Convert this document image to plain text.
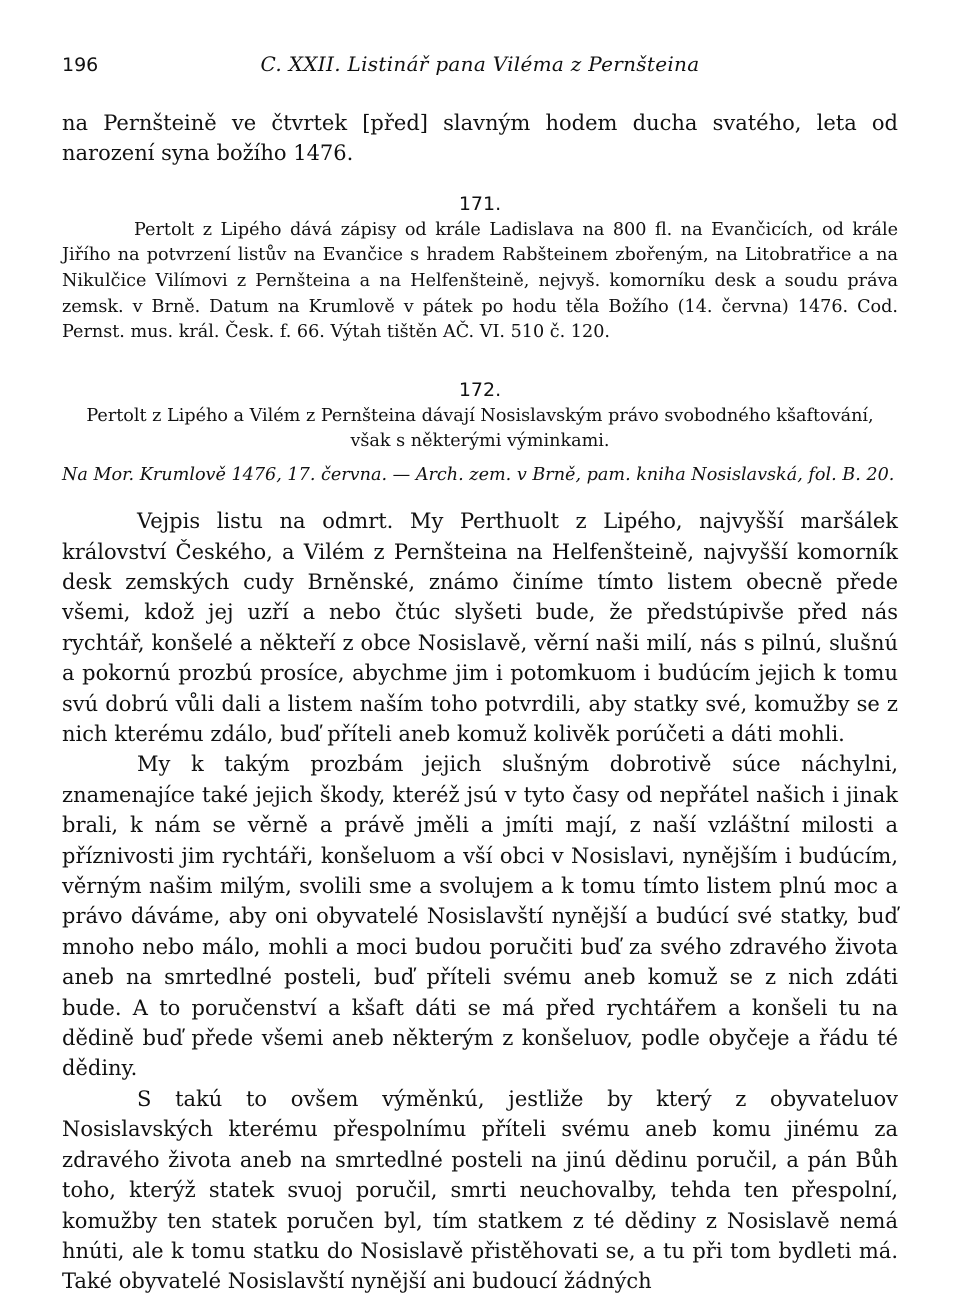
196	C. XXII. Listinář pana Viléma z Pernšteina

na Pernšteině ve čtvrtek [před] slavným hodem ducha svatého, leta od narození syna božího 1476.

171.

Pertolt z Lipého dává zápisy od krále Ladislava na 800 fl. na Evančicích, od krále Jiřího na potvrzení listův na Evančice s hradem Rabšteinem zbořeným, na Litobratřice a na Nikulčice Vilímovi z Pernšteina a na Helfenšteině, nejvyš. komorníku desk a soudu práva zemsk. v Brně. Datum na Krumlově v pátek po hodu těla Božího (14. června) 1476. Cod. Pernst. mus. král. Česk. f. 66. Výtah tištěn AČ. VI. 510 č. 120.

172.

Pertolt z Lipého a Vilém z Pernšteina dávají Nosislavským právo svobodného kšaftování, však s některými výminkami.

Na Mor. Krumlově 1476, 17. června. — Arch. zem. v Brně, pam. kniha Nosislavská, fol. B. 20.

Vejpis listu na odmrt. My Perthuolt z Lipého, najvyšší maršálek království Českého, a Vilém z Pernšteina na Helfenšteině, najvyšší komorník desk zemských cudy Brněnské, známo činíme tímto listem obecně přede všemi, kdož jej uzří a nebo čtúc slyšeti bude, že předstúpivše před nás rychtář, konšelé a někteří z obce Nosislavě, věrní naši milí, nás s pilnú, slušnú a pokornú prozbú prosíce, abychme jim i potomkuom i budúcím jejich k tomu svú dobrú vůli dali a listem naším toho potvrdili, aby statky své, komužby se z nich kterému zdálo, buď příteli aneb komuž kolivěk porúčeti a dáti mohli.

My k takým prozbám jejich slušným dobrotivě súce náchylni, znamenajíce také jejich škody, kteréž jsú v tyto časy od nepřátel našich i jinak brali, k nám se věrně a právě jměli a jmíti mají, z naší vzláštní milosti a příznivosti jim rychtáři, konšeluom a vší obci v Nosislavi, nynějším i budúcím, věrným našim milým, svolili sme a svolujem a k tomu tímto listem plnú moc a právo dáváme, aby oni obyvatelé Nosislavští nynější a budúcí své statky, buď mnoho nebo málo, mohli a moci budou poručiti buď za svého zdravého života aneb na smrtedlné posteli, buď příteli svému aneb komuž se z nich zdáti bude. A to poručenství a kšaft dáti se má před rychtářem a konšeli tu na dědině buď přede všemi aneb některým z konšeluov, podle obyčeje a řádu té dědiny.

S takú to ovšem výměnkú, jestliže by který z obyvateluov Nosislavských kterému přespolnímu příteli svému aneb komu jinému za zdravého života aneb na smrtedlné posteli na jinú dědinu poručil, a pán Bůh toho, kterýž statek svuoj poručil, smrti neuchovalby, tehda ten přespolní, komužby ten statek poručen byl, tím statkem z té dědiny z Nosislavě nemá hnúti, ale k tomu statku do Nosislavě přistěhovati se, a tu při tom bydleti má. Také obyvatelé Nosislavští nynější ani budoucí žádných
